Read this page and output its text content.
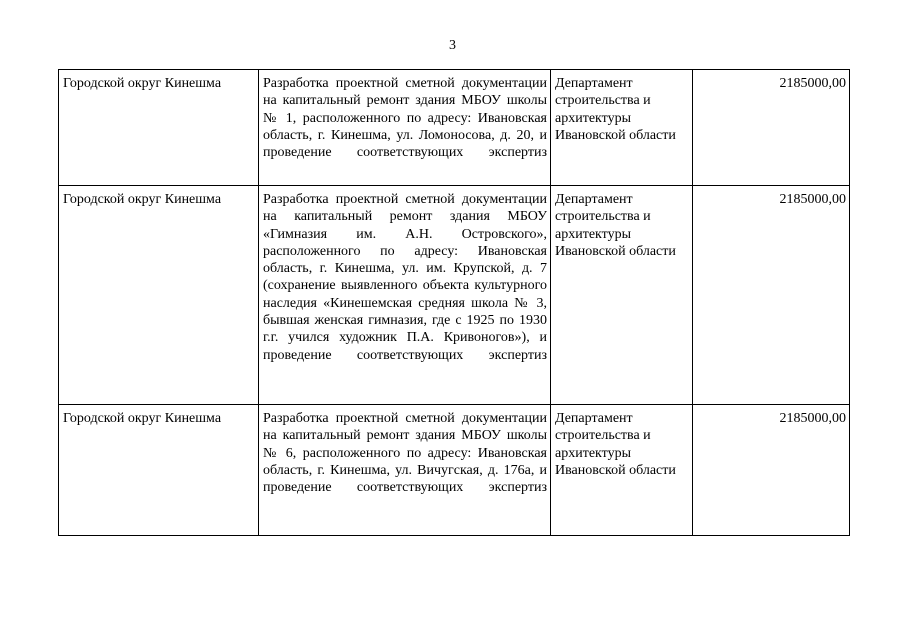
3
Городской округ Кинешма	Разработка проектной сметной документации на капитальный ремонт здания МБОУ школы № 1, расположенного по адресу: Ивановская область, г. Кинешма, ул. Ломоносова, д. 20, и проведение соответствующих экспертиз	Департамент строительства и архитектуры Ивановской области	2185000,00
Городской округ Кинешма	Разработка проектной сметной документации на капитальный ремонт здания МБОУ «Гимназия им. А.Н. Островского», расположенного по адресу: Ивановская область, г. Кинешма, ул. им. Крупской, д. 7 (сохранение выявленного объекта культурного наследия «Кинешемская средняя школа № 3, бывшая женская гимназия, где с 1925 по 1930 г.г. учился художник П.А. Кривоногов»), и проведение соответствующих экспертиз	Департамент строительства и архитектуры Ивановской области	2185000,00
Городской округ Кинешма	Разработка проектной сметной документации на капитальный ремонт здания МБОУ школы № 6, расположенного по адресу: Ивановская область, г. Кинешма, ул. Вичугская, д. 176а, и проведение соответствующих экспертиз	Департамент строительства и архитектуры Ивановской области	2185000,00
